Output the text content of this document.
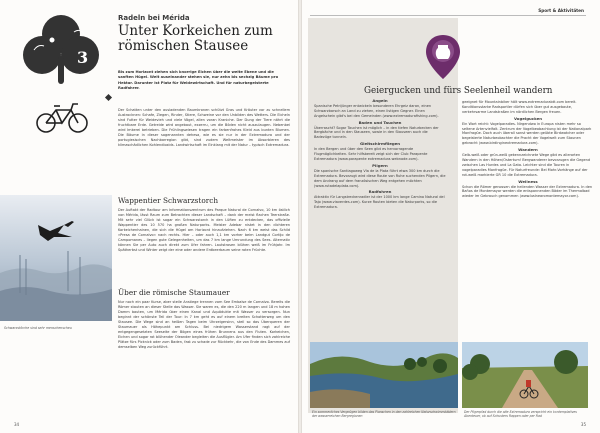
3
Radeln bei Mérida
Unter Korkeichen zum römischen Stausee
Bis zum Horizont ziehen sich knorrige Eichen über die weite Ebene und die sanften Hügel. Weit auseinander stehen sie, nur zehn bis sechzig Bäume pro Hektar. Darunter ist Platz für Weidewirtschaft. Und für naturbegeisterte Radfahrer.
Der Schatten unter den ausladenden Baumkronen schützt Gras und Kräuter vor zu schnellem Austrocknen: Schafe, Ziegen, Rinder, Stiere, Schweine vor den Unbilden des Wetters. Die Eicheln sind Futter für Weidevieh und viele Vögel, allen voran Kraniche. Der Dung der Tiere nährt die fruchtbare Erde. Getreide wird angebaut, exzerru, um die Böden nicht auszulaugen. Nebenbei wird Imkerei betrieben. Die Frühlingswiesen tragen ein farbenfrohes Kleid aus bunten Blumen. Die Bäume in dieser sogenannten dehesa, wie es sie nur in der Extremadura und der portugiesischen Nachbarregion gibt, sind zudem Weltmeister im Absorbieren des klimaschädlichen Kohlendioxids. Landwirtschaft im Einklang mit der Natur – typisch Extremadura.
Wappentier Schwarzstorch
Der Auftakt der Radtour am Informationszentrum des Parque Natural de Cornalvo, 10 km östlich von Mérida, lässt Raum zum Betrachten dieser Landschaft – dank der meist flachen Teerstraße. Mit sehr viel Glück ist sogar ein Schwarzstorch in den Lüften zu entdecken, das offizielle Wappentier des 10 570 ha großen Naturparks. Meister Adebar nistet in den dichteren Korkeichenhainen, die sich die Hügel am Horizont hinaufziehen. Nach 6 km weist das Schild »Presa de Cornalvo« nach rechts. Hier – oder auch 1,1 km vorher beim Landgut Cortijo de Campomanes – liegen gute Gelegenheiten, um das 7 km lange Umrundung des Sees. Alternativ können Sie per Auto auch direkt zum Ufer fahren. Lautstrosen blühen weiß im Frühjahr. Im Spätherbst und Winter zeigt der eine oder andere Erdbeerbaum seine roten Früchte.
Schwarzstörche sind sehr menschenscheu
Über die römische Staumauer
Nur noch ein paar Kurse, aber steile Anstiege trennen vom See Embalse de Cornalvo. Bereits die Römer stauten an dieser Stelle das Wasser. Sie waren es, die den 220 m langen und 18 m hohen Damm bauten, um Mérida über einen Kanal und Aquädukte mit Wasser zu versorgen. Nun beginnt der schönste Teil der Tour: In 7 km geht es auf einem breiten Schotterweg um den Stausee. Die Wege sind an heißen Tagen beim Uhrzeigersinn, steil so das Überqueren der Staumauer als Höhepunkt am Schluss. Bei niedrigem Wasserstand ragt auf der entgegengesetzten Seeseite der Bögen eines frühen Brunnens aus den Fluten. Korkeichen, Eichen und sogar rot blühender Oleander begleiten die Ausflügler. Am Ufer finden sich zahlreiche Plätze fürs Picknick oder zum Baden, fast zu schade zur Rückkehr, die von Ende des Dammes auf demselben Weg zurückführt.
34
Sport & Aktivitäten
Geiergucken und fürs Seelenheil wandern
Angeln
Spanische Petrijünger entwickeln besonderen Ehrgeiz daran, einen Schwarzbarsch an Land zu ziehen, einen listigen Gegner. Einen Angelschein gibt's bei den Gemeinden (www.extremadurafishing.com).
Baden und Tauchen
Überrascht? Sogar Tauchen ist möglich – in den tiefen Naturbecken der Bergbäche und in den Stauseen, sowie in den Stauseen auch die Badezüge tunneln.
Gleitschirmfliegen
In den Bergen und über den Seen gibt es hervorragende Flugmöglichkeiten. Sehr hilfsbereit zeigt sich der Club Parapente Extremadura (www.parapente extremadura.webnode.com).
Pilgern
Die spanische Santiagoweg Vía de la Plata führt etwa 300 km durch die Extremadura. Bevorzugt wird diese Route von Ruhe suchenden Pilgern, die dem Andrang auf dem französischen Weg entgehen möchten (www.rutadelaplata.com).
Radfahren
Attraktiv für Langstreckenradler ist der 1000 km lange Camino Natural del Tajo (www.viaverdes.com). Kurze Routen bieten die Naturparks, so die Extremadura.
geeignet für Mountainbiker hält www.extremadurabtt.com bereit. Konditionsstarke Radsportler dürfen sich über gut ausgebaute, verkehrsarme Landstraßen im nördlichen Bergen freuen.
Vogelgucken
Ein Wort reicht: Vogelparadies. Nirgendwo in Europa nisten mehr so seltene Artenvielfalt. Zentrum der Vogelbeobachtung ist der Nationalpark Monfragüe. Doch auch überall sonst werden geübte Birdwatcher oder begeisterte Naturbeobachter die Pracht der Vogelwelt zum Staunen gebracht (www.birdinginextremadura.com).
Wandern
Gelb-weiß oder grün-weiß gekennzeichnete Wege gibt es allerorten Wandern in den Höhen/Ostertum! Bergwanderer bevorzugen die Gegend zwischen Las Hurdes und La Gata. Leichter sind die Touren in vogelparadies Monfragüe. Für Naturfreunde: Bei Mohr-Vorhänge auf der rot-weiß markierte GR 10 die Extremadura.
Wellness
Schon die Römer genossen die heilenden Wasser der Extremadura. In den Baños de Montemayor werden die entspannenden Bäder im Thermalbad wieder im Gebrauch genommen (www.balnearomontemayor.com).
Ein sommerliches Vergnügen bilden das Planschen in den zahlreichen Naturschwimmbädern der wasserreichen Bergregionen
Der Pilgerpfad durch die alte Extremadura verspricht ein kontemplatives Abenteuer, ob auf Schusters Rappen oder per Rad
35
